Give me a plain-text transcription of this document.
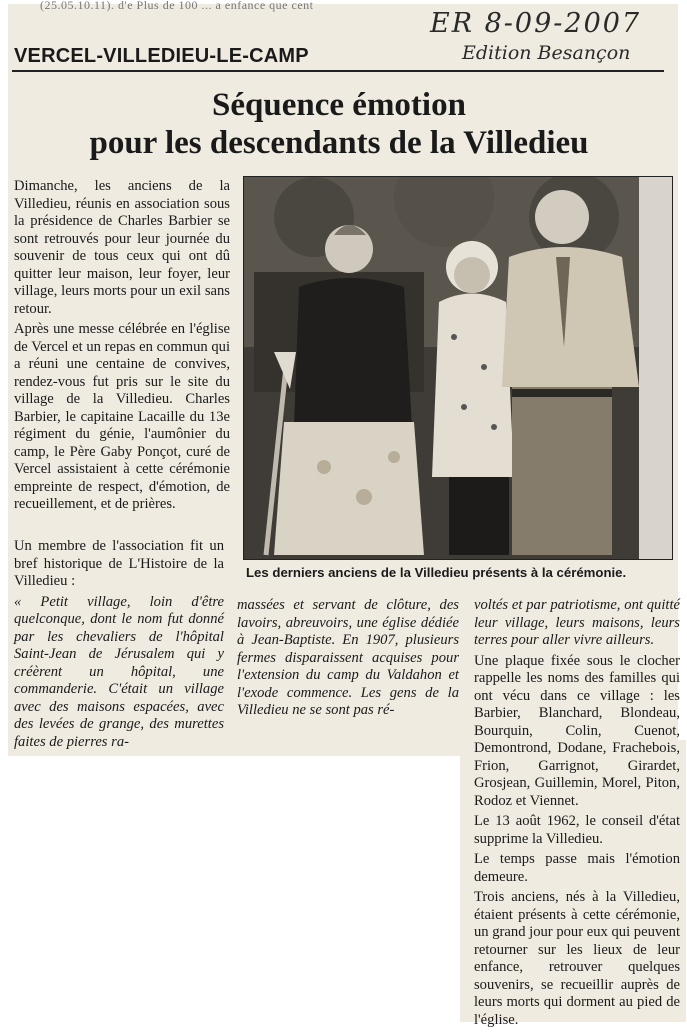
(25.05.10.11). d'e Plus de 100 ... a enfance que cent
ER 8-09-2007
Edition Besançon
VERCEL-VILLEDIEU-LE-CAMP
Séquence émotion
pour les descendants de la Villedieu

Dimanche, les anciens de la Villedieu, réunis en association sous la présidence de Charles Barbier se sont retrouvés pour leur journée du souvenir de tous ceux qui ont dû quitter leur maison, leur foyer, leur village, leurs morts pour un exil sans retour.

Après une messe célébrée en l'église de Vercel et un repas en commun qui a réuni une centaine de convives, rendez-vous fut pris sur le site du village de la Villedieu. Charles Barbier, le capitaine Lacaille du 13e régiment du génie, l'aumônier du camp, le Père Gaby Ponçot, curé de Vercel assistaient à cette cérémonie empreinte de respect, d'émotion, de recueillement, et de prières.

Un membre de l'association fit un bref historique de L'Histoire de la Villedieu :

« Petit village, loin d'être quelconque, dont le nom fut donné par les chevaliers de l'hôpital Saint-Jean de Jérusalem qui y créèrent un hôpital, une commanderie. C'était un village avec des maisons espacées, avec des levées de grange, des murettes faites de pierres ra-

Les derniers anciens de la Villedieu présents à la cérémonie.

massées et servant de clôture, des lavoirs, abreuvoirs, une église dédiée à Jean-Baptiste. En 1907, plusieurs fermes disparaissent acquises pour l'extension du camp du Valdahon et l'exode commence. Les gens de la Villedieu ne se sont pas ré-

voltés et par patriotisme, ont quitté leur village, leurs maisons, leurs terres pour aller vivre ailleurs.

Une plaque fixée sous le clocher rappelle les noms des familles qui ont vécu dans ce village : les Barbier, Blanchard, Blondeau, Bourquin, Colin, Cuenot, Demontrond, Dodane, Frachebois, Frion, Garrignot, Girardet, Grosjean, Guillemin, Morel, Piton, Rodoz et Viennet.

Le 13 août 1962, le conseil d'état supprime la Villedieu.

Le temps passe mais l'émotion demeure.

Trois anciens, nés à la Villedieu, étaient présents à cette cérémonie, un grand jour pour eux qui peuvent retourner sur les lieux de leur enfance, retrouver quelques souvenirs, se recueillir auprès de leurs morts qui dorment au pied de l'église.
